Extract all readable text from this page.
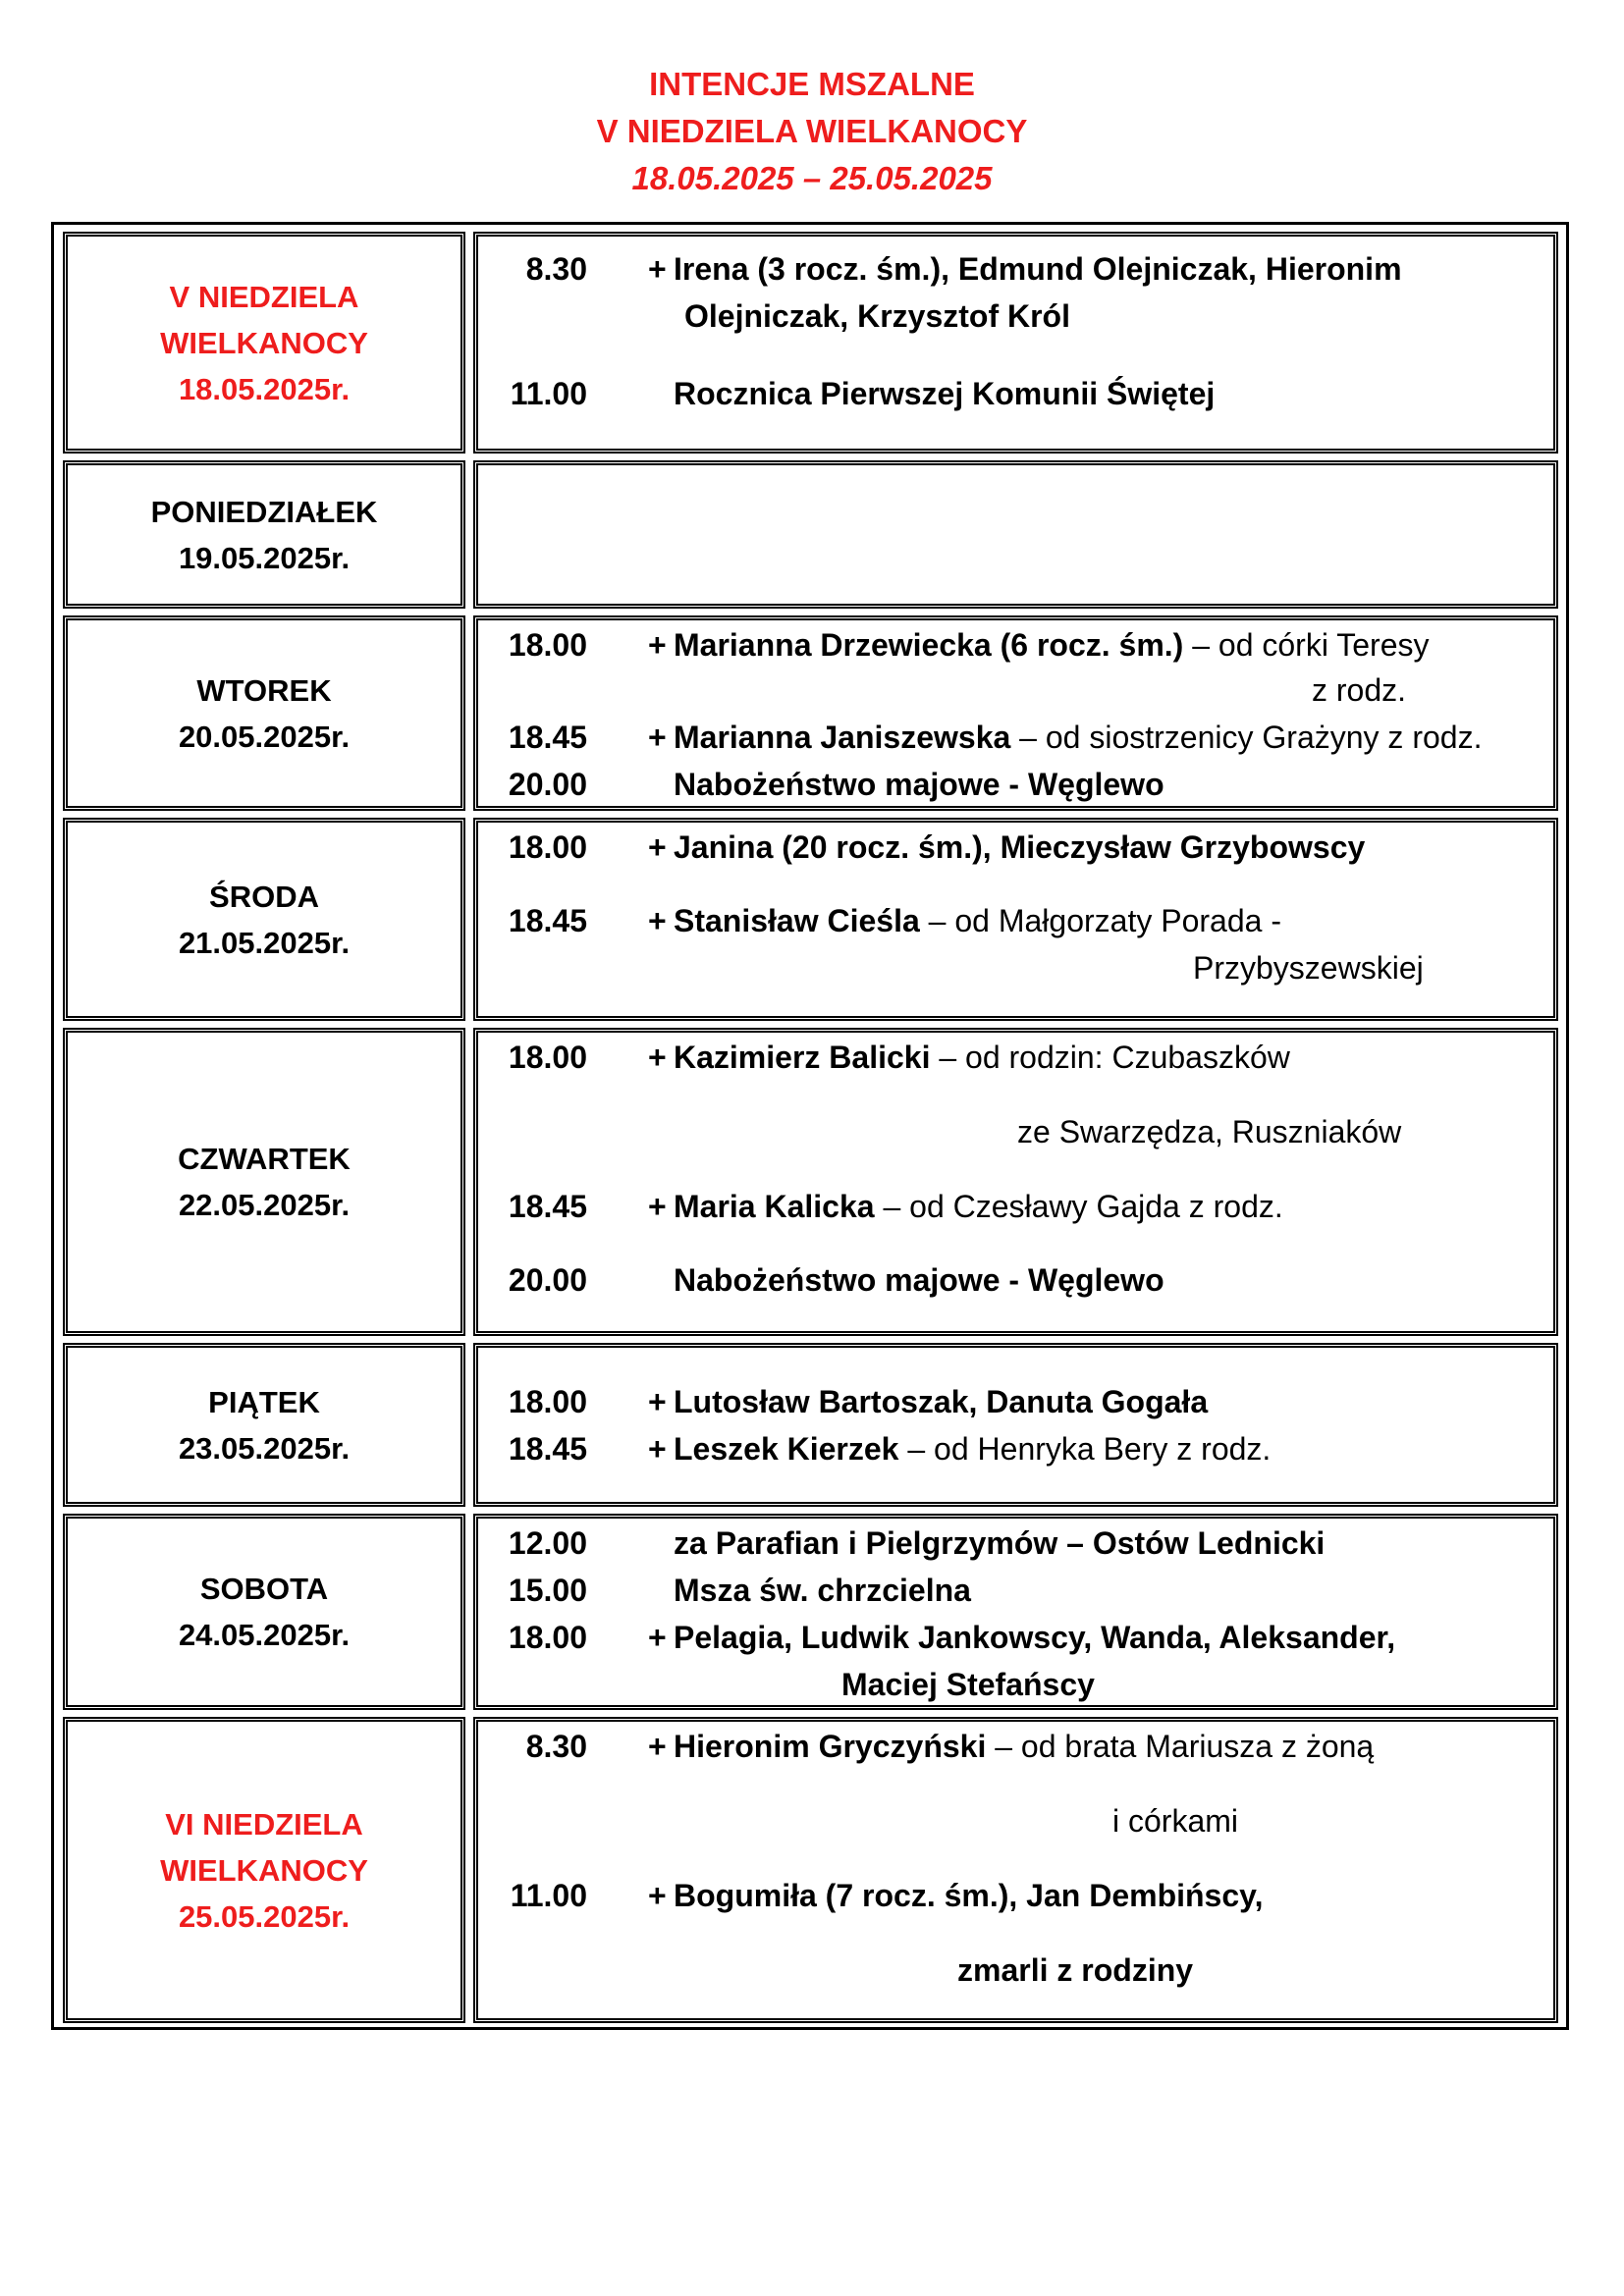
INTENCJE MSZALNE
V NIEDZIELA WIELKANOCY
18.05.2025 – 25.05.2025
V NIEDZIELA
WIELKANOCY
18.05.2025r.
8.30 + Irena (3 rocz. śm.), Edmund Olejniczak, Hieronim
Olejniczak, Krzysztof Król
11.00	Rocznica Pierwszej Komunii Świętej
PONIEDZIAŁEK
19.05.2025r.
WTOREK
20.05.2025r.
18.00 + Marianna Drzewiecka (6 rocz. śm.) – od córki Teresy
z rodz.
18.45 + Marianna Janiszewska – od siostrzenicy Grażyny z rodz.
20.00	Nabożeństwo majowe - Węglewo
ŚRODA
21.05.2025r.
18.00 + Janina (20 rocz. śm.), Mieczysław Grzybowscy
18.45 + Stanisław Cieśla – od Małgorzaty Porada -
Przybyszewskiej
CZWARTEK
22.05.2025r.
18.00 + Kazimierz Balicki – od rodzin: Czubaszków
ze Swarzędza, Ruszniaków
18.45 + Maria Kalicka – od Czesławy Gajda z rodz.
20.00	Nabożeństwo majowe - Węglewo
PIĄTEK
23.05.2025r.
18.00 + Lutosław Bartoszak, Danuta Gogała
18.45 + Leszek Kierzek – od Henryka Bery z rodz.
SOBOTA
24.05.2025r.
12.00	za Parafian i Pielgrzymów – Ostów Lednicki
15.00	Msza św. chrzcielna
18.00 + Pelagia, Ludwik Jankowscy, Wanda, Aleksander,
Maciej Stefańscy
VI NIEDZIELA
WIELKANOCY
25.05.2025r.
8.30 + Hieronim Gryczyński – od brata Mariusza z żoną
i córkami
11.00 + Bogumiła (7 rocz. śm.), Jan Dembińscy,
zmarli z rodziny
